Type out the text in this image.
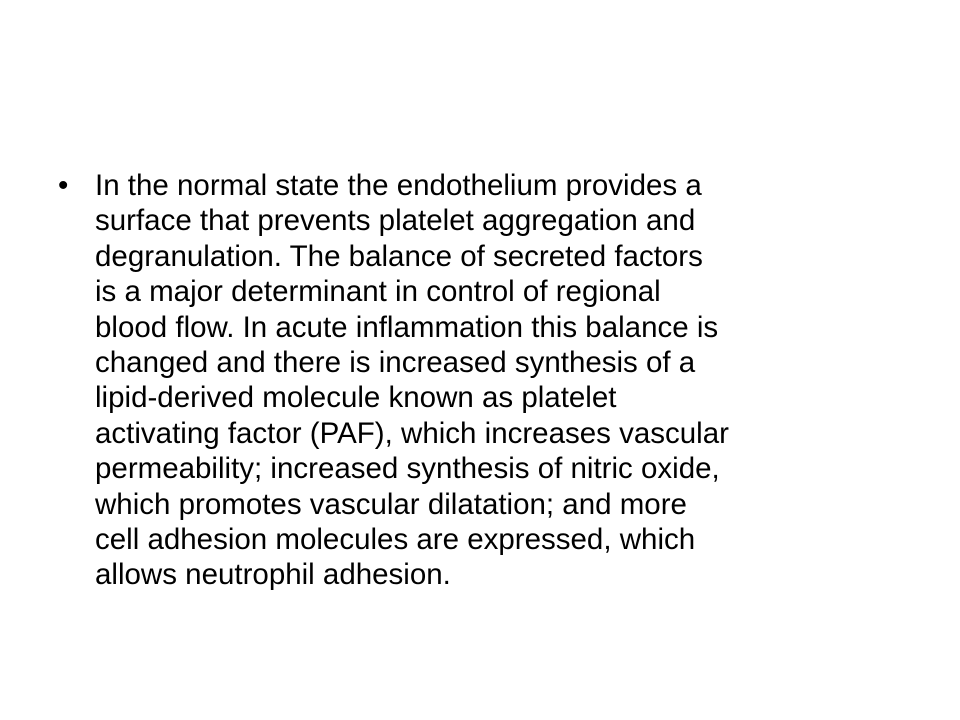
• In the normal state the endothelium provides a
surface that prevents platelet aggregation and
degranulation. The balance of secreted factors
is a major determinant in control of regional
blood flow. In acute inflammation this balance is
changed and there is increased synthesis of a
lipid-derived molecule known as platelet
activating factor (PAF), which increases vascular
permeability; increased synthesis of nitric oxide,
which promotes vascular dilatation; and more
cell adhesion molecules are expressed, which
allows neutrophil adhesion.
